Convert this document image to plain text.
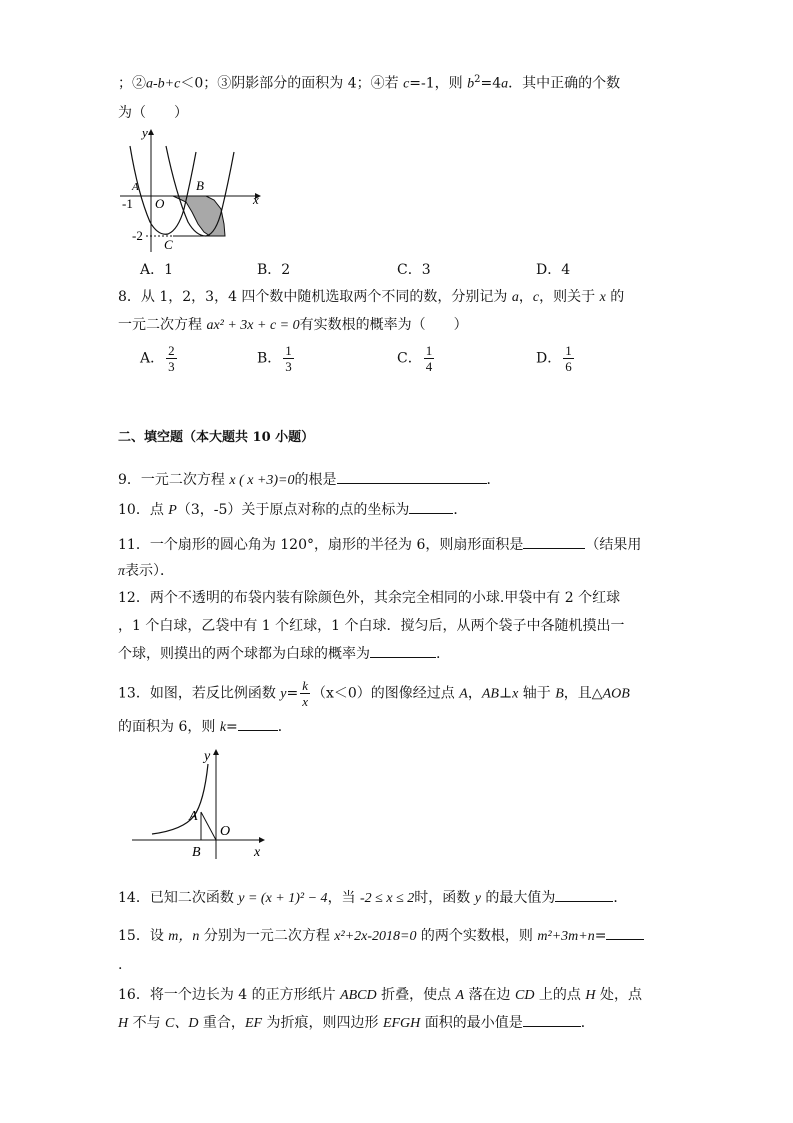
；②a-b+c＜0；③阴影部分的面积为 4；④若 c=-1，则 $b^2=4a$．其中正确的个数
为（　　）
y
x
O
A	B
C
-1
-2
A．1	B．2	C．3	D．4
8．从 1，2，3，4 四个数中随机选取两个不同的数，分别记为 a，c，则关于 x 的
一元二次方程 ax² + 3x + c = 0有实数根的概率为（　　）
A． $\frac{2}{3}$	B． $\frac{1}{3}$	C． $\frac{1}{4}$	D． $\frac{1}{6}$
二、填空题（本大题共 10 小题）
9．一元二次方程 x ( x +3)=0的根是	．
10．点 P（3，-5）关于原点对称的点的坐标为	．
11．一个扇形的圆心角为 120°，扇形的半径为 6，则扇形面积是	（结果用
π表示）．
12．两个不透明的布袋内装有除颜色外，其余完全相同的小球.甲袋中有 2 个红球
，1 个白球，乙袋中有 1 个红球，1 个白球．搅匀后，从两个袋子中各随机摸出一
个球，则摸出的两个球都为白球的概率为	.
13．如图，若反比例函数 $y= \frac{k}{x} (x<0)$的图像经过点 A，AB⊥x 轴于 B，且△AOB
的面积为 6，则 k=	．
y
x
A
B
O
14．已知二次函数 y = (x + 1)² − 4，当 -2 ≤ x ≤ 2时，函数 y 的最大值为	．
15．设 m，n 分别为一元二次方程 x²+2x-2018=0 的两个实数根，则 m²+3m+n=
.
16．将一个边长为 4 的正方形纸片 ABCD 折叠，使点 A 落在边 CD 上的点 H 处，点
H 不与 C、D 重合，EF 为折痕，则四边形 EFGH 面积的最小值是	．
